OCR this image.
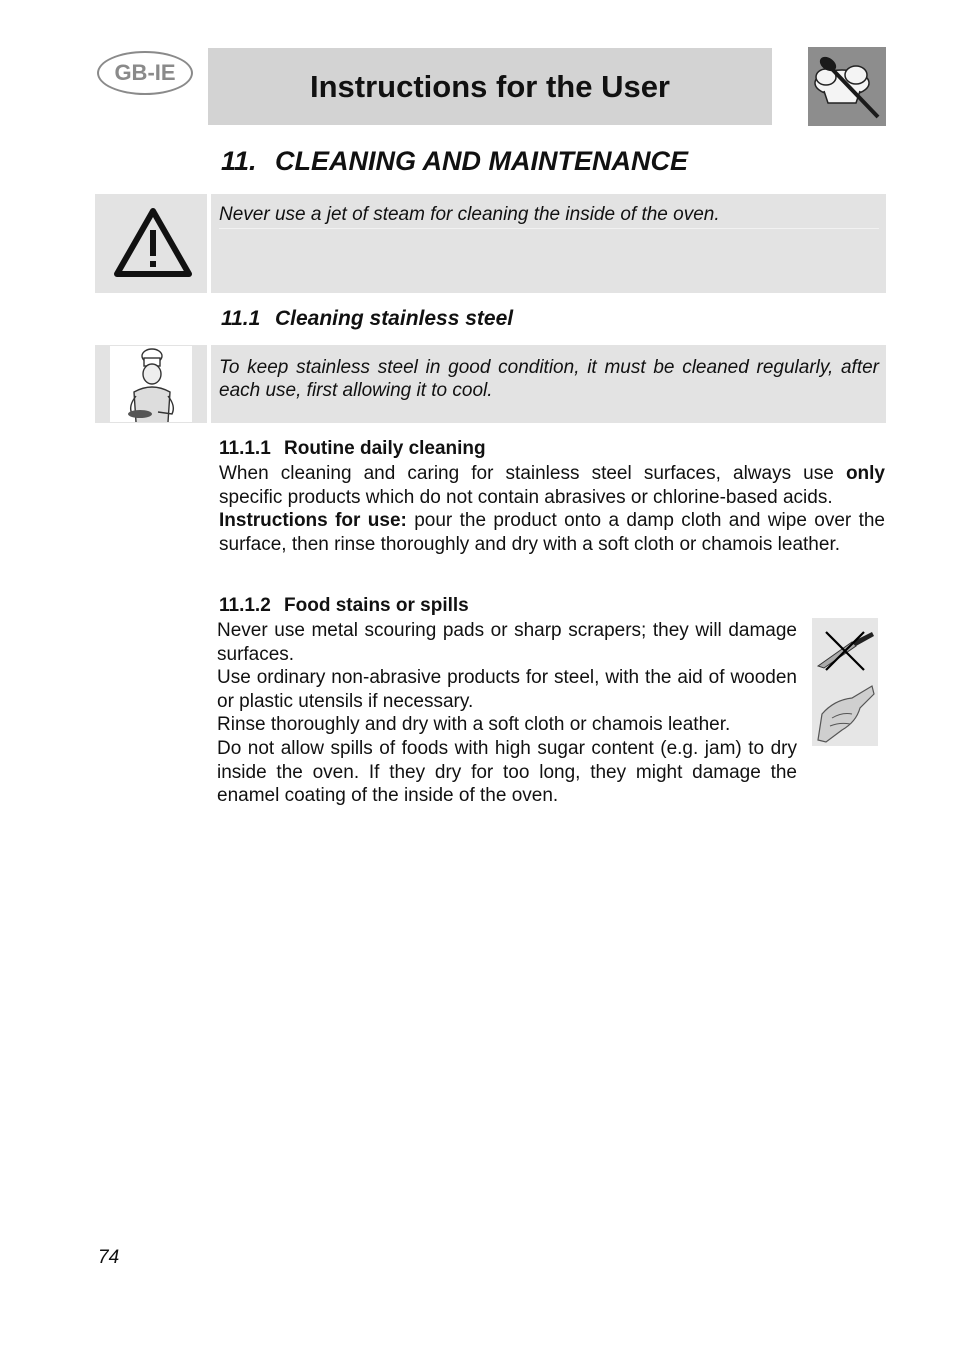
GB-IE	Instructions for the User
11. CLEANING AND MAINTENANCE
Never use a jet of steam for cleaning the inside of the oven.
11.1 Cleaning stainless steel
To keep stainless steel in good condition, it must be cleaned regularly, after each use, first allowing it to cool.
11.1.1 Routine daily cleaning
When cleaning and caring for stainless steel surfaces, always use only specific products which do not contain abrasives or chlorine-based acids.
Instructions for use: pour the product onto a damp cloth and wipe over the surface, then rinse thoroughly and dry with a soft cloth or chamois leather.
11.1.2 Food stains or spills
Never use metal scouring pads or sharp scrapers; they will damage surfaces.
Use ordinary non-abrasive products for steel, with the aid of wooden or plastic utensils if necessary.
Rinse thoroughly and dry with a soft cloth or chamois leather.
Do not allow spills of foods with high sugar content (e.g. jam) to dry inside the oven. If they dry for too long, they might damage the enamel coating of the inside of the oven.
74
